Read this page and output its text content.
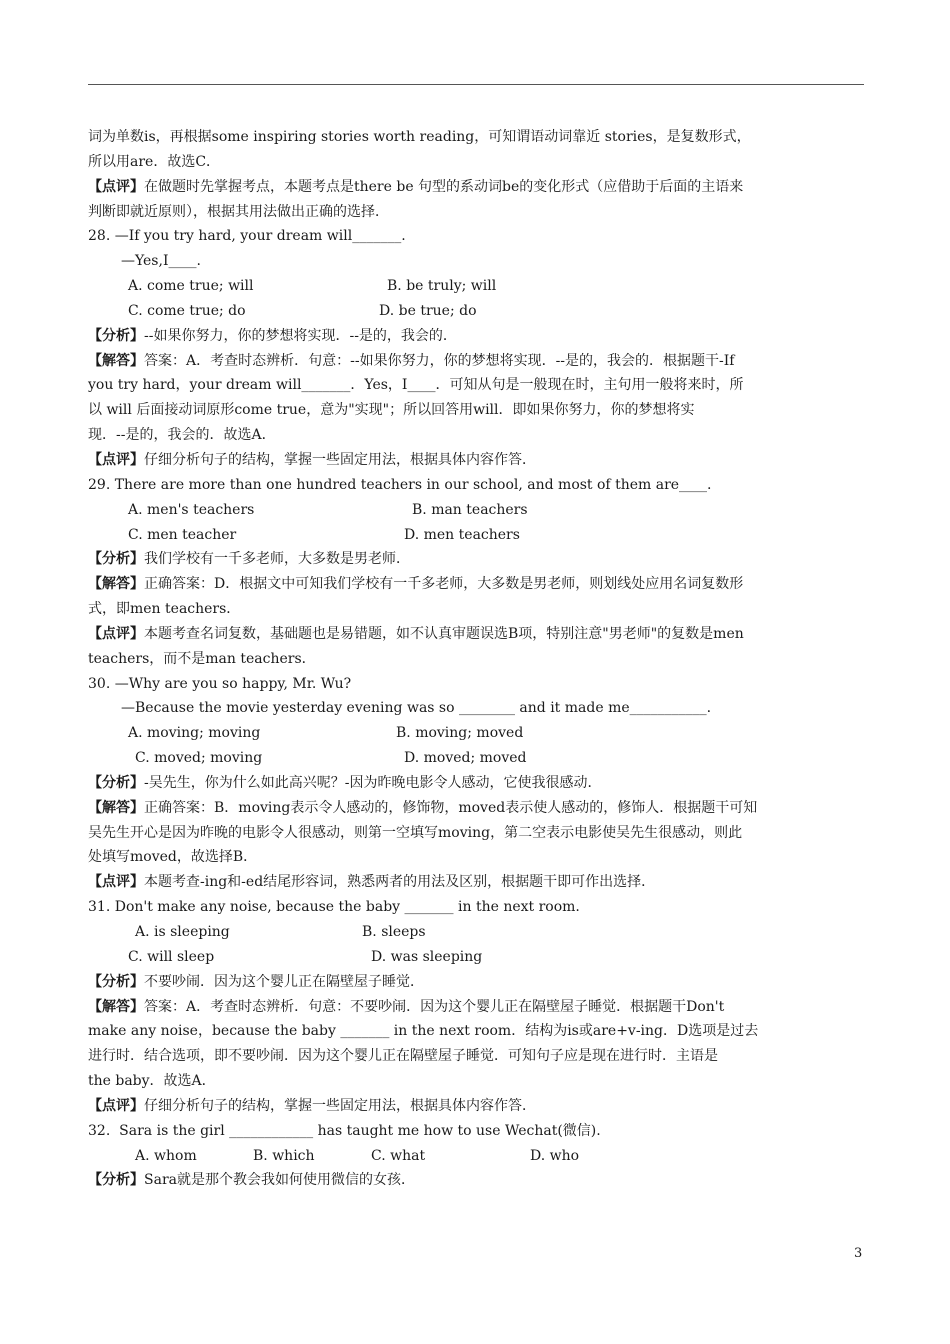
词为单数is，再根据some inspiring stories worth reading，可知谓语动词靠近 stories，是复数形式，
所以用are．故选C．
【点评】在做题时先掌握考点，本题考点是there be 句型的系动词be的变化形式（应借助于后面的主语来
判断即就近原则），根据其用法做出正确的选择．
28. —If you try hard, your dream will_______.
—Yes,I____.
A. come true; will	B. be truly; will
C. come true; do	D. be true; do
【分析】--如果你努力，你的梦想将实现．--是的，我会的．
【解答】答案：A．考查时态辨析．句意：--如果你努力，你的梦想将实现．--是的，我会的．根据题干-If
you try hard，your dream will_______．Yes，I____．可知从句是一般现在时，主句用一般将来时，所
以 will 后面接动词原形come true，意为"实现"；所以回答用will．即如果你努力，你的梦想将实
现．--是的，我会的．故选A．
【点评】仔细分析句子的结构，掌握一些固定用法，根据具体内容作答．
29. There are more than one hundred teachers in our school, and most of them are____.
A. men's teachers	B. man teachers
C. men teacher	D. men teachers
【分析】我们学校有一千多老师，大多数是男老师．
【解答】正确答案：D．根据文中可知我们学校有一千多老师，大多数是男老师，则划线处应用名词复数形
式，即men teachers．
【点评】本题考查名词复数，基础题也是易错题，如不认真审题误选B项，特别注意"男老师"的复数是men
teachers，而不是man teachers．
30. —Why are you so happy, Mr. Wu?
—Because the movie yesterday evening was so ________ and it made me___________.
A. moving; moving	B. moving; moved
C. moved; moving	D. moved; moved
【分析】-吴先生，你为什么如此高兴呢？-因为昨晚电影令人感动，它使我很感动．
【解答】正确答案：B．moving表示令人感动的，修饰物，moved表示使人感动的，修饰人．根据题干可知
吴先生开心是因为昨晚的电影令人很感动，则第一空填写moving，第二空表示电影使吴先生很感动，则此
处填写moved，故选择B．
【点评】本题考查-ing和-ed结尾形容词，熟悉两者的用法及区别，根据题干即可作出选择．
31. Don't make any noise, because the baby _______ in the next room.
A. is sleeping	B. sleeps
C. will sleep	D. was sleeping
【分析】不要吵闹．因为这个婴儿正在隔壁屋子睡觉．
【解答】答案：A．考查时态辨析．句意：不要吵闹．因为这个婴儿正在隔壁屋子睡觉．根据题干Don't
make any noise，because the baby _______ in the next room．结构为is或are+v-ing．D选项是过去
进行时．结合选项，即不要吵闹．因为这个婴儿正在隔壁屋子睡觉．可知句子应是现在进行时．主语是
the baby．故选A．
【点评】仔细分析句子的结构，掌握一些固定用法，根据具体内容作答．
32.  Sara is the girl ____________ has taught me how to use Wechat(微信).
A. whom	B. which	C. what	D. who
【分析】Sara就是那个教会我如何使用微信的女孩．
3
